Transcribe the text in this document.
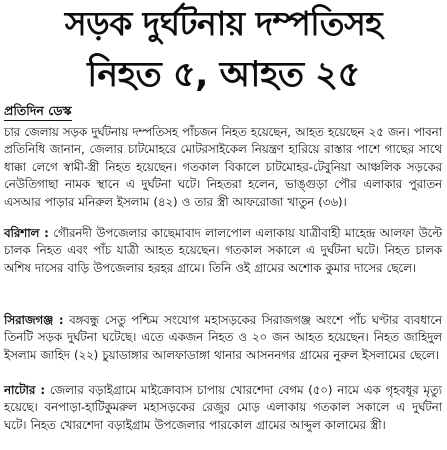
সড়ক দুর্ঘটনায় দম্পতিসহ
নিহত ৫, আহত ২৫
প্রতিদিন ডেস্ক
চার জেলায় সড়ক দুর্ঘটনায় দম্পতিসহ পাঁচজন নিহত হয়েছেন, আহত হয়েছেন ২৫ জন। পাবনা প্রতিনিধি জানান, জেলার চাটমোহরে মোটরসাইকেল নিয়ন্ত্রণ হারিয়ে রাস্তার পাশে গাছের সাথে ধাক্কা লেগে স্বামী-স্ত্রী নিহত হয়েছেন। গতকাল বিকালে চাটমোহর-টেবুনিয়া আঞ্চলিক সড়কের নেউতিগাছা নামক স্থানে এ দুর্ঘটনা ঘটে। নিহতরা হলেন, ভাঙ্গুড়া পৌর এলাকার পুরাতন এসআর পাড়ার মনিরুল ইসলাম (৪২) ও তার স্ত্রী আফরোজা খাতুন (৩৬)।
বরিশাল : গৌরনদী উপজেলার কাছেমাবাদ লালপোল এলাকায় যাত্রীবাহী মাহেন্দ্র আলফা উল্টে চালক নিহত এবং পাঁচ যাত্রী আহত হয়েছেন। গতকাল সকালে এ দুর্ঘটনা ঘটে। নিহত চালক অশিষ দাসের বাড়ি উপজেলার হরহর গ্রামে। তিনি ওই গ্রামের অশোক কুমার দাসের ছেলে।
সিরাজগঞ্জ : বঙ্গবন্ধু সেতু পশ্চিম সংযোগ মহাসড়কের সিরাজগঞ্জ অংশে পাঁচ ঘণ্টার ব্যবধানে তিনটি সড়ক দুর্ঘটনা ঘটেছে। এতে একজন নিহত ও ২০ জন আহত হয়েছেন। নিহত জাহিদুল ইসলাম জাহিদ (২২) চুয়াডাঙ্গার আলফাডাঙ্গা থানার আসননগর গ্রামের নুরুল ইসলামের ছেলে।
নাটোর : জেলার বড়াইগ্রামে মাইক্রোবাস চাপায় খোরশেদা বেগম (৫০) নামে এক গৃহবধূর মৃত্যু হয়েছে। বনপাড়া-হাটিকুমরুল মহাসড়কের রেজুর মোড় এলাকায় গতকাল সকালে এ দুর্ঘটনা ঘটে। নিহত খোরশেদা বড়াইগ্রাম উপজেলার পারকোল গ্রামের আব্দুল কালামের স্ত্রী।
